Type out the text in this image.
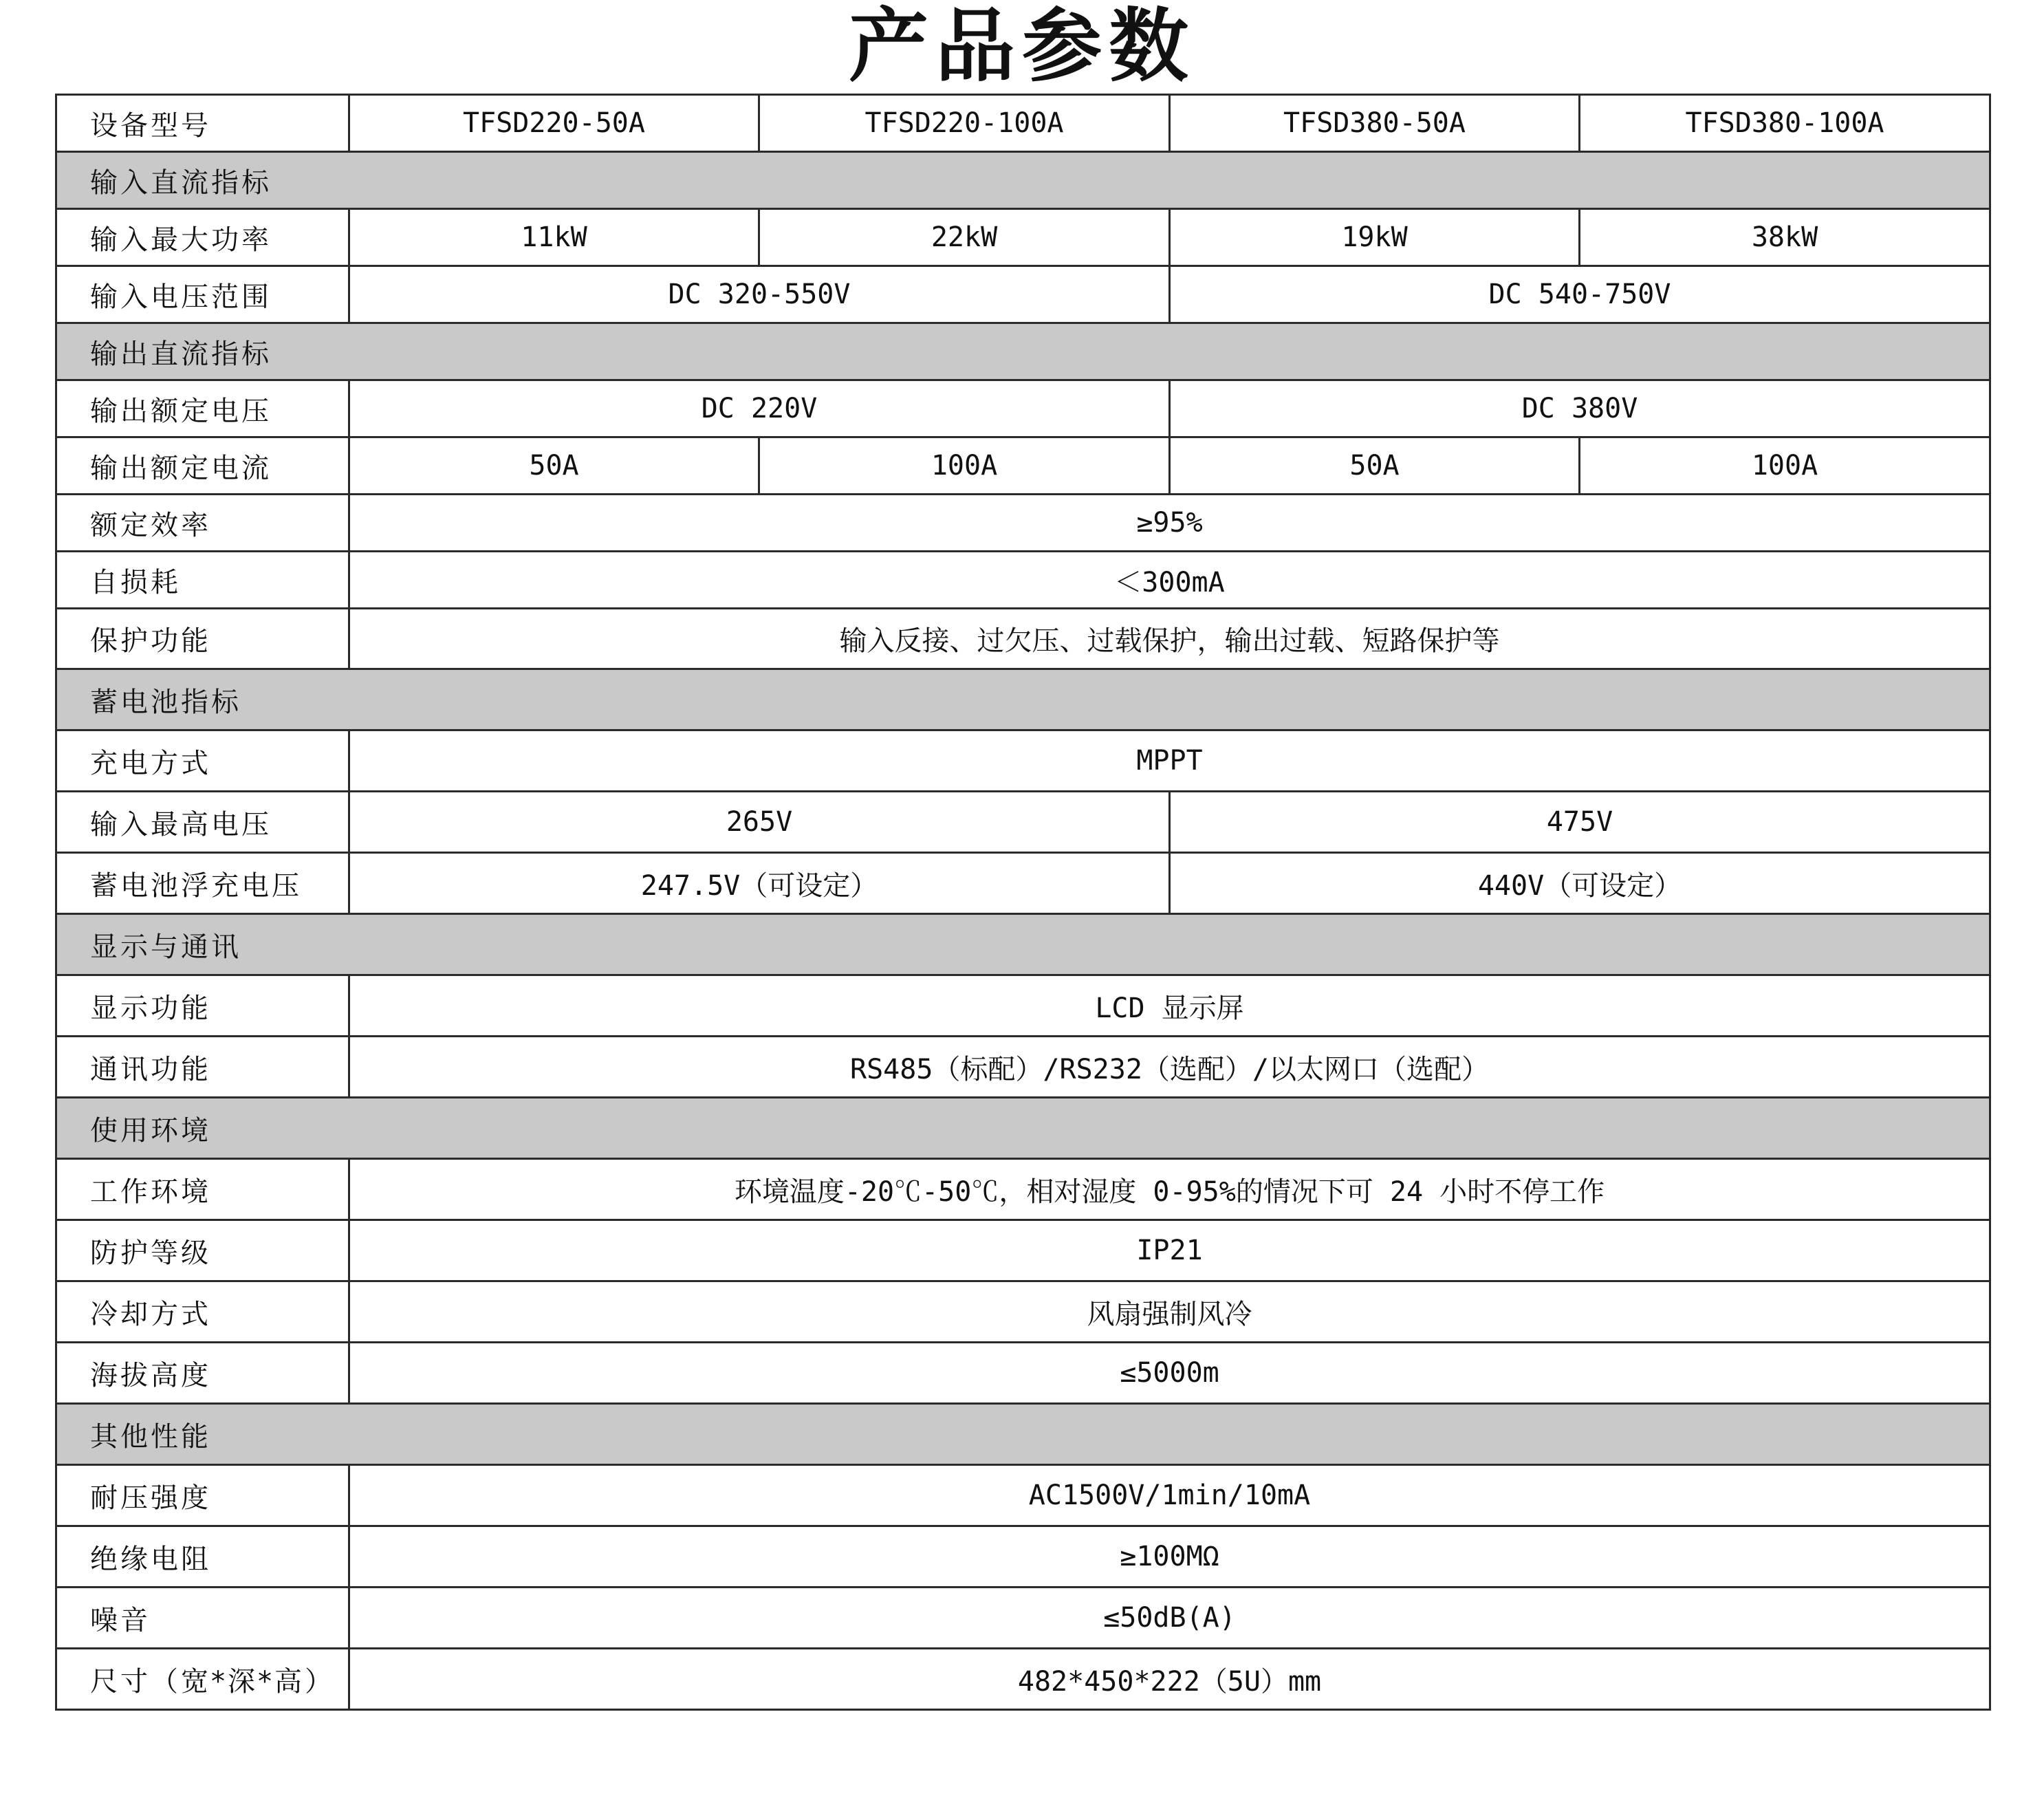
产品参数
设备型号	TFSD220-50A	TFSD220-100A	TFSD380-50A	TFSD380-100A
输入直流指标				
输入最大功率	11kW	22kW	19kW	38kW
输入电压范围	DC 320-550V		DC 540-750V	
输出直流指标				
输出额定电压	DC 220V		DC 380V	
输出额定电流	50A	100A	50A	100A
额定效率	≥95%			
自损耗	＜300mA			
保护功能	输入反接、过欠压、过载保护，输出过载、短路保护等			
蓄电池指标				
充电方式	MPPT			
输入最高电压	265V		475V	
蓄电池浮充电压	247.5V（可设定）		440V（可设定）	
显示与通讯				
显示功能	LCD 显示屏			
通讯功能	RS485（标配）/RS232（选配）/以太网口（选配）			
使用环境				
工作环境	环境温度-20℃-50℃，相对湿度 0-95%的情况下可 24 小时不停工作			
防护等级	IP21			
冷却方式	风扇强制风冷			
海拔高度	≤5000m			
其他性能				
耐压强度	AC1500V/1min/10mA			
绝缘电阻	≥100MΩ			
噪音	≤50dB(A)			
尺寸（宽*深*高）	482*450*222（5U）mm			
